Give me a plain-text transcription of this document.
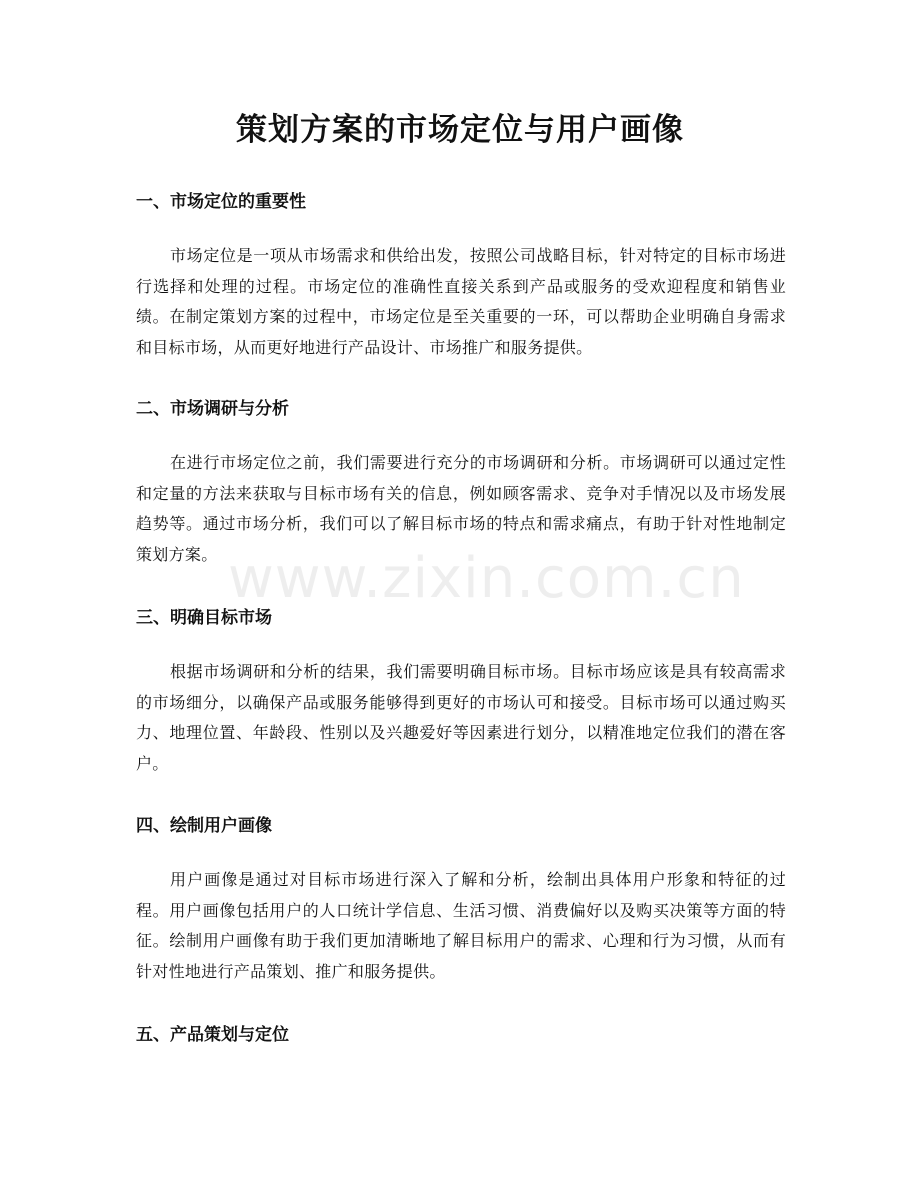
策划方案的市场定位与用户画像
一、市场定位的重要性

市场定位是一项从市场需求和供给出发，按照公司战略目标，针对特定的目标市场进行选择和处理的过程。市场定位的准确性直接关系到产品或服务的受欢迎程度和销售业绩。在制定策划方案的过程中，市场定位是至关重要的一环，可以帮助企业明确自身需求和目标市场，从而更好地进行产品设计、市场推广和服务提供。

二、市场调研与分析

在进行市场定位之前，我们需要进行充分的市场调研和分析。市场调研可以通过定性和定量的方法来获取与目标市场有关的信息，例如顾客需求、竞争对手情况以及市场发展趋势等。通过市场分析，我们可以了解目标市场的特点和需求痛点，有助于针对性地制定策划方案。

三、明确目标市场

根据市场调研和分析的结果，我们需要明确目标市场。目标市场应该是具有较高需求的市场细分，以确保产品或服务能够得到更好的市场认可和接受。目标市场可以通过购买力、地理位置、年龄段、性别以及兴趣爱好等因素进行划分，以精准地定位我们的潜在客户。

四、绘制用户画像

用户画像是通过对目标市场进行深入了解和分析，绘制出具体用户形象和特征的过程。用户画像包括用户的人口统计学信息、生活习惯、消费偏好以及购买决策等方面的特征。绘制用户画像有助于我们更加清晰地了解目标用户的需求、心理和行为习惯，从而有针对性地进行产品策划、推广和服务提供。

五、产品策划与定位
www.zixin.com.cn
